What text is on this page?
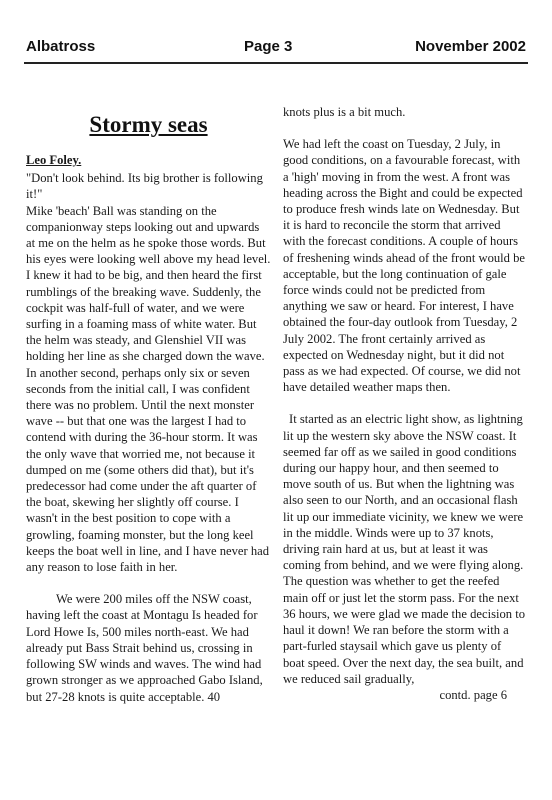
Albatross	Page 3	November 2002
Stormy seas
Leo Foley.

"Don't look behind. Its big brother is following it!"

Mike 'beach' Ball was standing on the companionway steps looking out and upwards at me on the helm as he spoke those words. But his eyes were looking well above my head level. I knew it had to be big, and then heard the first rumblings of the breaking wave. Suddenly, the cockpit was half-full of water, and we were surfing in a foaming mass of white water. But the helm was steady, and Glenshiel VII was holding her line as she charged down the wave. In another second, perhaps only six or seven seconds from the initial call, I was confident there was no problem. Until the next monster wave -- but that one was the largest I had to contend with during the 36-hour storm. It was the only wave that worried me, not because it dumped on me (some others did that), but it's predecessor had come under the aft quarter of the boat, skewing her slightly off course. I wasn't in the best position to cope with a growling, foaming monster, but the long keel keeps the boat well in line, and I have never had any reason to lose faith in her.

We were 200 miles off the NSW coast, having left the coast at Montagu Is headed for Lord Howe Is, 500 miles north-east. We had already put Bass Strait behind us, crossing in following SW winds and waves. The wind had grown stronger as we approached Gabo Island, but 27-28 knots is quite acceptable. 40

knots plus is a bit much.

We had left the coast on Tuesday, 2 July, in good conditions, on a favourable forecast, with a 'high' moving in from the west. A front was heading across the Bight and could be expected to produce fresh winds late on Wednesday. But it is hard to reconcile the storm that arrived with the forecast conditions. A couple of hours of freshening winds ahead of the front would be acceptable, but the long continuation of gale force winds could not be predicted from anything we saw or heard. For interest, I have obtained the four-day outlook from Tuesday, 2 July 2002. The front certainly arrived as expected on Wednesday night, but it did not pass as we had expected. Of course, we did not have detailed weather maps then.

It started as an electric light show, as lightning lit up the western sky above the NSW coast. It seemed far off as we sailed in good conditions during our happy hour, and then seemed to move south of us. But when the lightning was also seen to our North, and an occasional flash lit up our immediate vicinity, we knew we were in the middle. Winds were up to 37 knots, driving rain hard at us, but at least it was coming from behind, and we were flying along. The question was whether to get the reefed main off or just let the storm pass. For the next 36 hours, we were glad we made the decision to haul it down! We ran before the storm with a part-furled staysail which gave us plenty of boat speed. Over the next day, the sea built, and we reduced sail gradually,

contd. page 6
